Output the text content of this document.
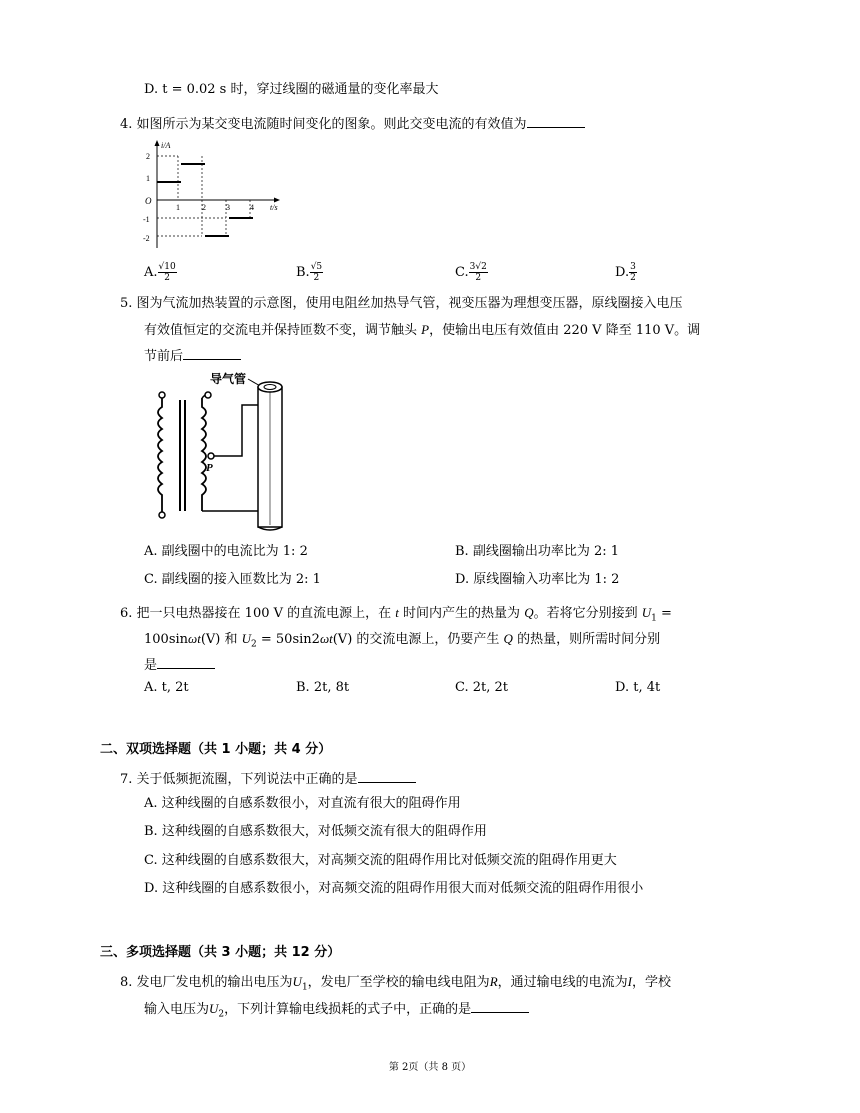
D. t = 0.02 s 时，穿过线圈的磁通量的变化率最大
4. 如图所示为某交变电流随时间变化的图象。则此交变电流的有效值为
i/A
t/s
O
2
1
-1
-2
1	2	3	4
A. $\frac{√10}{2}$	B. $\frac{√5}{2}$	C. $\frac{3√2}{2}$	D. $\frac{3}{2}$
5. 图为气流加热装置的示意图，使用电阻丝加热导气管，视变压器为理想变压器，原线圈接入电压
有效值恒定的交流电并保持匝数不变，调节触头 P，使输出电压有效值由 220 V 降至 110 V。调
节前后
导气管
P
A. 副线圈中的电流比为 1: 2	B. 副线圈输出功率比为 2: 1
C. 副线圈的接入匝数比为 2: 1	D. 原线圈输入功率比为 1: 2
6. 把一只电热器接在 100 V 的直流电源上，在 t 时间内产生的热量为 Q。若将它分别接到 $U_1$ =
100sinωt(V) 和 $U_2 = 50\sin 2\omega t(V)$ 的交流电源上，仍要产生 Q 的热量，则所需时间分别
是
A. t, 2t	B. 2t, 8t	C. 2t, 2t	D. t, 4t
二、双项选择题（共 1 小题；共 4 分）
7. 关于低频扼流圈，下列说法中正确的是
A. 这种线圈的自感系数很小，对直流有很大的阻碍作用
B. 这种线圈的自感系数很大，对低频交流有很大的阻碍作用
C. 这种线圈的自感系数很大，对高频交流的阻碍作用比对低频交流的阻碍作用更大
D. 这种线圈的自感系数很小，对高频交流的阻碍作用很大而对低频交流的阻碍作用很小
三、多项选择题（共 3 小题；共 12 分）
8. 发电厂发电机的输出电压为$U_1$，发电厂至学校的输电线电阻为R，通过输电线的电流为I，学校
输入电压为$U_2$，下列计算输电线损耗的式子中，正确的是
第 2页（共 8 页）
